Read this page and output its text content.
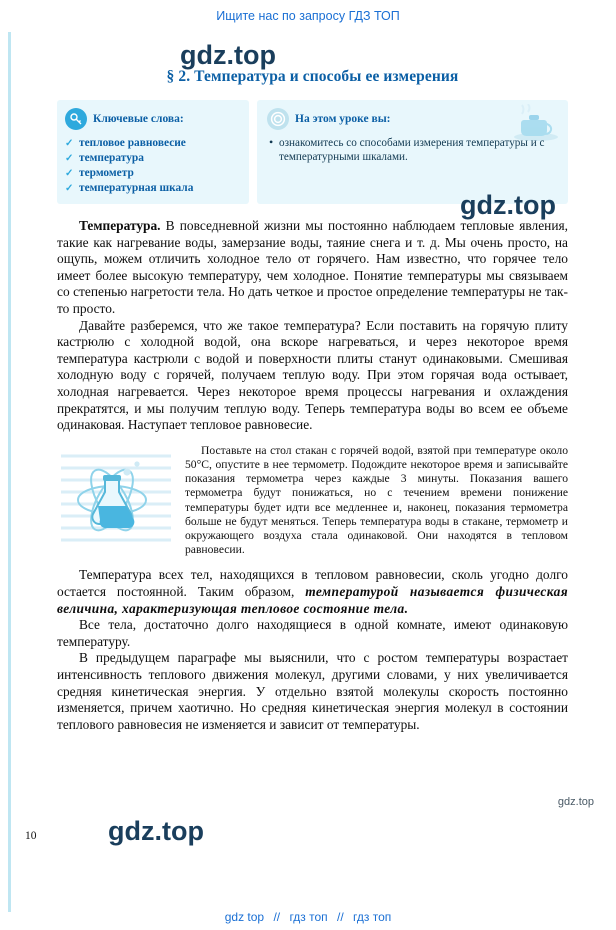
Ищите нас по запросу ГДЗ ТОП
§ 2. Температура и способы ее измерения
Ключевые слова:
✓ тепловое равновесие
✓ температура
✓ термометр
✓ температурная шкала
На этом уроке вы:
• ознакомитесь со способами измерения температуры и с температурными шкалами.

Температура. В повседневной жизни мы постоянно наблюдаем тепловые явления, такие как нагревание воды, замерзание воды, таяние снега и т. д. Мы очень просто, на ощупь, можем отличить холодное тело от горячего. Нам известно, что горячее тело имеет более высокую температуру, чем холодное. Понятие температуры мы связываем со степенью нагретости тела. Но дать четкое и простое определение температуры не так-то просто.

Давайте разберемся, что же такое температура? Если поставить на горячую плиту кастрюлю с холодной водой, она вскоре нагреваться, и через некоторое время температура кастрюли с водой и поверхности плиты станут одинаковыми. Смешивая холодную воду с горячей, получаем теплую воду. При этом горячая вода остывает, холодная нагревается. Через некоторое время процессы нагревания и охлаждения прекратятся, и мы получим теплую воду. Теперь температура воды во всем ее объеме одинаковая. Наступает тепловое равновесие.

Поставьте на стол стакан с горячей водой, взятой при температуре около 50°C, опустите в нее термометр. Подождите некоторое время и записывайте показания термометра через каждые 3 минуты. Показания вашего термометра будут понижаться, но с течением времени понижение температуры будет идти все медленнее и, наконец, показания термометра больше не будут меняться. Теперь температура воды в стакане, термометр и окружающего воздуха стала одинаковой. Они находятся в тепловом равновесии.

Температура всех тел, находящихся в тепловом равновесии, сколь угодно долго остается постоянной. Таким образом, температурой называется физическая величина, характеризующая тепловое состояние тела.

Все тела, достаточно долго находящиеся в одной комнате, имеют одинаковую температуру.

В предыдущем параграфе мы выяснили, что с ростом температуры возрастает интенсивность теплового движения молекул, другими словами, у них увеличивается средняя кинетическая энергия. У отдельно взятой молекулы скорость постоянно изменяется, причем хаотично. Но средняя кинетическая энергия молекул в состоянии теплового равновесия не изменяется и зависит от температуры.

10
gdz.top
gdz.top
gdz.top
gdz.top
gdz top // гдз топ // гдз топ
